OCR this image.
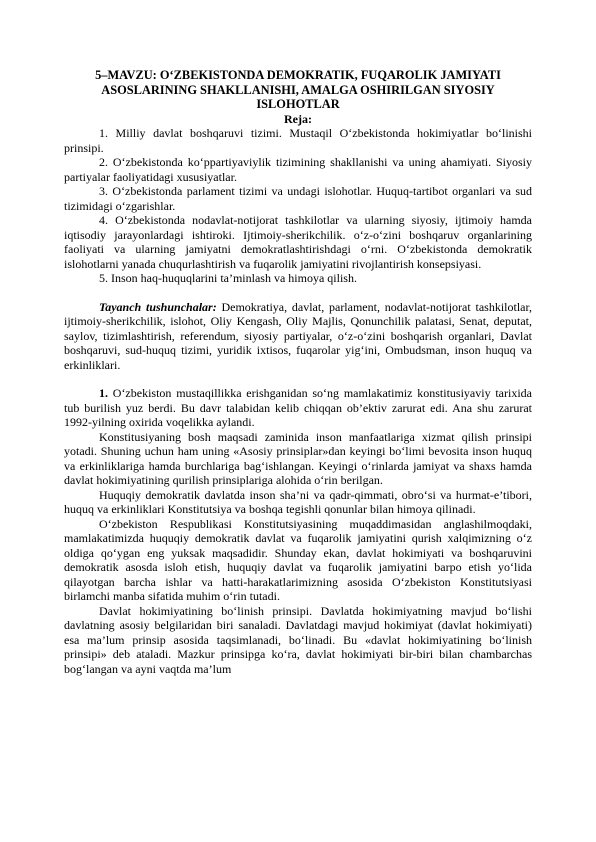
5–MAVZU: O‘ZBEKISTONDA DEMOKRATIK, FUQAROLIK JAMIYATI ASOSLARINING SHAKLLANISHI, AMALGA OSHIRILGAN SIYOSIY ISLOHOTLAR
Reja:

1. Milliy davlat boshqaruvi tizimi. Mustaqil O‘zbekistonda hokimiyatlar bo‘linishi prinsipi.

2. O‘zbekistonda ko‘ppartiyaviylik tizimining shakllanishi va uning ahamiyati. Siyosiy partiyalar faoliyatidagi xususiyatlar.

3. O‘zbekistonda parlament tizimi va undagi islohotlar. Huquq-tartibot organlari va sud tizimidagi o‘zgarishlar.

4. O‘zbekistonda nodavlat-notijorat tashkilotlar va ularning siyosiy, ijtimoiy hamda iqtisodiy jarayonlardagi ishtiroki. Ijtimoiy-sherikchilik. o‘z-o‘zini boshqaruv organlarining faoliyati va ularning jamiyatni demokratlashtirishdagi o‘rni. O‘zbekistonda demokratik islohotlarni yanada chuqurlashtirish va fuqarolik jamiyatini rivojlantirish konsepsiyasi.

5. Inson haq-huquqlarini ta’minlash va himoya qilish.

Tayanch tushunchalar: Demokratiya, davlat, parlament, nodavlat-notijorat tashkilotlar, ijtimoiy-sherikchilik, islohot, Oliy Kengash, Oliy Majlis, Qonunchilik palatasi, Senat, deputat, saylov, tizimlashtirish, referendum, siyosiy partiyalar, o‘z-o‘zini boshqarish organlari, Davlat boshqaruvi, sud-huquq tizimi, yuridik ixtisos, fuqarolar yig‘ini, Ombudsman, inson huquq va erkinliklari.

1. O‘zbekiston mustaqillikka erishganidan so‘ng mamlakatimiz konstitusiyaviy tarixida tub burilish yuz berdi. Bu davr talabidan kelib chiqqan ob’ektiv zarurat edi. Ana shu zarurat 1992-yilning oxirida voqelikka aylandi.

Konstitusiyaning bosh maqsadi zaminida inson manfaatlariga xizmat qilish prinsipi yotadi. Shuning uchun ham uning «Asosiy prinsiplar»dan keyingi bo‘limi bevosita inson huquq va erkinliklariga hamda burchlariga bag‘ishlangan. Keyingi o‘rinlarda jamiyat va shaxs hamda davlat hokimiyatining qurilish prinsiplariga alohida o‘rin berilgan.

Huquqiy demokratik davlatda inson sha’ni va qadr-qimmati, obro‘si va hurmat-e’tibori, huquq va erkinliklari Konstitutsiya va boshqa tegishli qonunlar bilan himoya qilinadi.

O‘zbekiston Respublikasi Konstitutsiyasining muqaddimasidan anglashilmoqdaki, mamlakatimizda huquqiy demokratik davlat va fuqarolik jamiyatini qurish xalqimizning o‘z oldiga qo‘ygan eng yuksak maqsadidir. Shunday ekan, davlat hokimiyati va boshqaruvini demokratik asosda isloh etish, huquqiy davlat va fuqarolik jamiyatini barpo etish yo‘lida qilayotgan barcha ishlar va hatti-harakatlarimizning asosida O‘zbekiston Konstitutsiyasi birlamchi manba sifatida muhim o‘rin tutadi.

Davlat hokimiyatining bo‘linish prinsipi. Davlatda hokimiyatning mavjud bo‘lishi davlatning asosiy belgilaridan biri sanaladi. Davlatdagi mavjud hokimiyat (davlat hokimiyati) esa ma’lum prinsip asosida taqsimlanadi, bo‘linadi. Bu «davlat hokimiyatining bo‘linish prinsipi» deb ataladi. Mazkur prinsipga ko‘ra, davlat hokimiyati bir-biri bilan chambarchas bog‘langan va ayni vaqtda ma’lum
